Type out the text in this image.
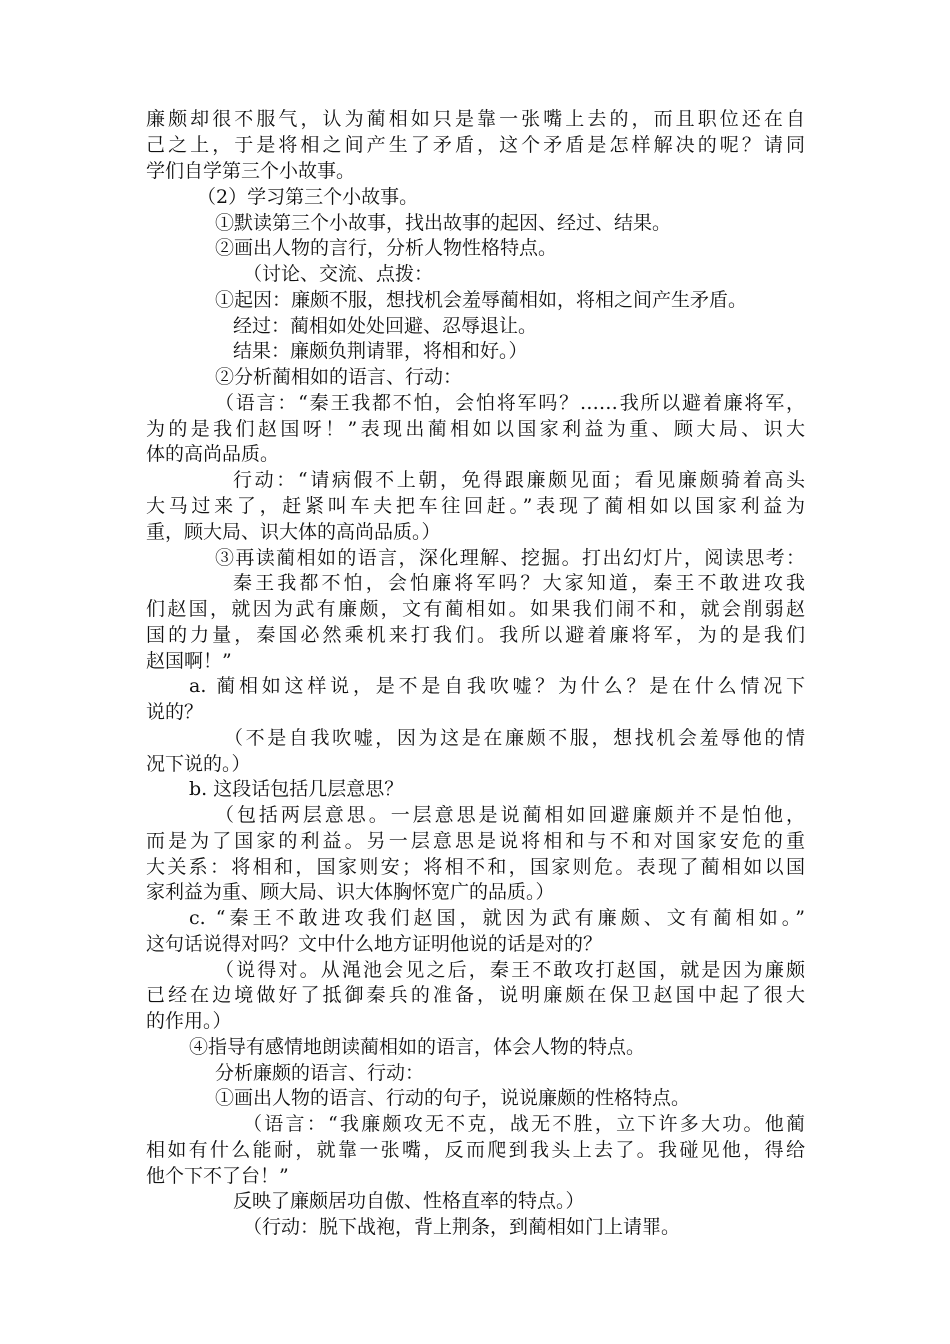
廉颇却很不服气，认为蔺相如只是靠一张嘴上去的，而且职位还在自

己之上，于是将相之间产生了矛盾，这个矛盾是怎样解决的呢？请同

学们自学第三个小故事。

（2）学习第三个小故事。

①默读第三个小故事，找出故事的起因、经过、结果。

②画出人物的言行，分析人物性格特点。

（讨论、交流、点拨：

①起因：廉颇不服，想找机会羞辱蔺相如，将相之间产生矛盾。

经过：蔺相如处处回避、忍辱退让。

结果：廉颇负荆请罪，将相和好。）

②分析蔺相如的语言、行动：

（语言：“秦王我都不怕，会怕将军吗？……我所以避着廉将军，

为的是我们赵国呀！”表现出蔺相如以国家利益为重、顾大局、识大

体的高尚品质。

行动：“请病假不上朝，免得跟廉颇见面；看见廉颇骑着高头

大马过来了，赶紧叫车夫把车往回赶。”表现了蔺相如以国家利益为

重，顾大局、识大体的高尚品质。）

③再读蔺相如的语言，深化理解、挖掘。打出幻灯片，阅读思考：

秦王我都不怕，会怕廉将军吗？大家知道，秦王不敢进攻我

们赵国，就因为武有廉颇，文有蔺相如。如果我们闹不和，就会削弱赵

国的力量，秦国必然乘机来打我们。我所以避着廉将军，为的是我们

赵国啊！”

a. 蔺相如这样说，是不是自我吹嘘？为什么？是在什么情况下

说的？

（不是自我吹嘘，因为这是在廉颇不服，想找机会羞辱他的情

况下说的。）

b. 这段话包括几层意思？

（包括两层意思。一层意思是说蔺相如回避廉颇并不是怕他，

而是为了国家的利益。另一层意思是说将相和与不和对国家安危的重

大关系：将相和，国家则安；将相不和，国家则危。表现了蔺相如以国

家利益为重、顾大局、识大体胸怀宽广的品质。）

c. “秦王不敢进攻我们赵国，就因为武有廉颇、文有蔺相如。”

这句话说得对吗？文中什么地方证明他说的话是对的？

（说得对。从渑池会见之后，秦王不敢攻打赵国，就是因为廉颇

已经在边境做好了抵御秦兵的准备，说明廉颇在保卫赵国中起了很大

的作用。）

④指导有感情地朗读蔺相如的语言，体会人物的特点。

分析廉颇的语言、行动：

①画出人物的语言、行动的句子，说说廉颇的性格特点。

（语言：“我廉颇攻无不克，战无不胜，立下许多大功。他蔺

相如有什么能耐，就靠一张嘴，反而爬到我头上去了。我碰见他，得给

他个下不了台！”

反映了廉颇居功自傲、性格直率的特点。）

（行动：脱下战袍，背上荆条，到蔺相如门上请罪。
